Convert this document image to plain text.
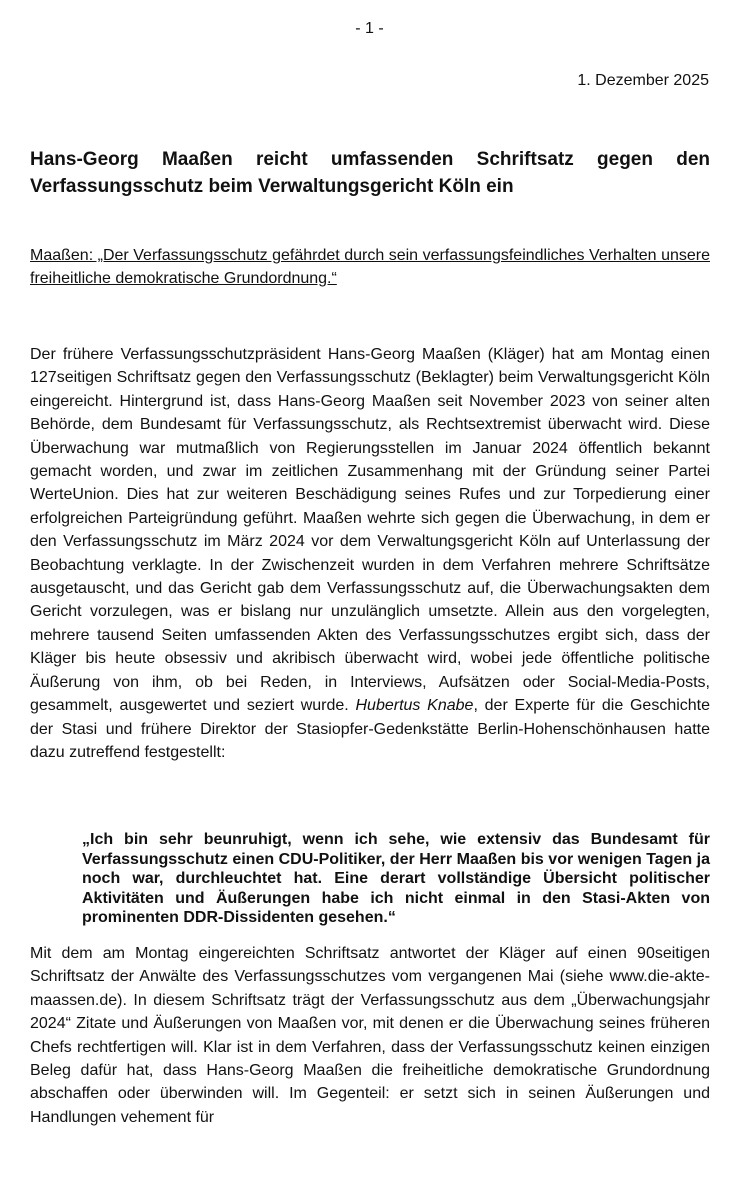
- 1 -
1. Dezember 2025
Hans-Georg Maaßen reicht umfassenden Schriftsatz gegen den Verfassungsschutz beim Verwaltungsgericht Köln ein

Maaßen: „Der Verfassungsschutz gefährdet durch sein verfassungsfeindliches Verhalten unsere freiheitliche demokratische Grundordnung.“

Der frühere Verfassungsschutzpräsident Hans-Georg Maaßen (Kläger) hat am Montag einen 127seitigen Schriftsatz gegen den Verfassungsschutz (Beklagter) beim Verwaltungsgericht Köln eingereicht. Hintergrund ist, dass Hans-Georg Maaßen seit November 2023 von seiner alten Behörde, dem Bundesamt für Verfassungsschutz, als Rechtsextremist überwacht wird. Diese Überwachung war mutmaßlich von Regierungsstellen im Januar 2024 öffentlich bekannt gemacht worden, und zwar im zeitlichen Zusammenhang mit der Gründung seiner Partei WerteUnion. Dies hat zur weiteren Beschädigung seines Rufes und zur Torpedierung einer erfolgreichen Parteigründung geführt. Maaßen wehrte sich gegen die Überwachung, in dem er den Verfassungsschutz im März 2024 vor dem Verwaltungsgericht Köln auf Unterlassung der Beobachtung verklagte. In der Zwischenzeit wurden in dem Verfahren mehrere Schriftsätze ausgetauscht, und das Gericht gab dem Verfassungsschutz auf, die Überwachungsakten dem Gericht vorzulegen, was er bislang nur unzulänglich umsetzte. Allein aus den vorgelegten, mehrere tausend Seiten umfassenden Akten des Verfassungsschutzes ergibt sich, dass der Kläger bis heute obsessiv und akribisch überwacht wird, wobei jede öffentliche politische Äußerung von ihm, ob bei Reden, in Interviews, Aufsätzen oder Social-Media-Posts, gesammelt, ausgewertet und seziert wurde. Hubertus Knabe, der Experte für die Geschichte der Stasi und frühere Direktor der Stasiopfer-Gedenkstätte Berlin-Hohenschönhausen hatte dazu zutreffend festgestellt:

„Ich bin sehr beunruhigt, wenn ich sehe, wie extensiv das Bundesamt für Verfassungsschutz einen CDU-Politiker, der Herr Maaßen bis vor wenigen Tagen ja noch war, durchleuchtet hat. Eine derart vollständige Übersicht politischer Aktivitäten und Äußerungen habe ich nicht einmal in den Stasi-Akten von prominenten DDR-Dissidenten gesehen.“

Mit dem am Montag eingereichten Schriftsatz antwortet der Kläger auf einen 90seitigen Schriftsatz der Anwälte des Verfassungsschutzes vom vergangenen Mai (siehe www.die-akte-maassen.de). In diesem Schriftsatz trägt der Verfassungsschutz aus dem „Überwachungsjahr 2024“ Zitate und Äußerungen von Maaßen vor, mit denen er die Überwachung seines früheren Chefs rechtfertigen will. Klar ist in dem Verfahren, dass der Verfassungsschutz keinen einzigen Beleg dafür hat, dass Hans-Georg Maaßen die freiheitliche demokratische Grundordnung abschaffen oder überwinden will. Im Gegenteil: er setzt sich in seinen Äußerungen und Handlungen vehement für
